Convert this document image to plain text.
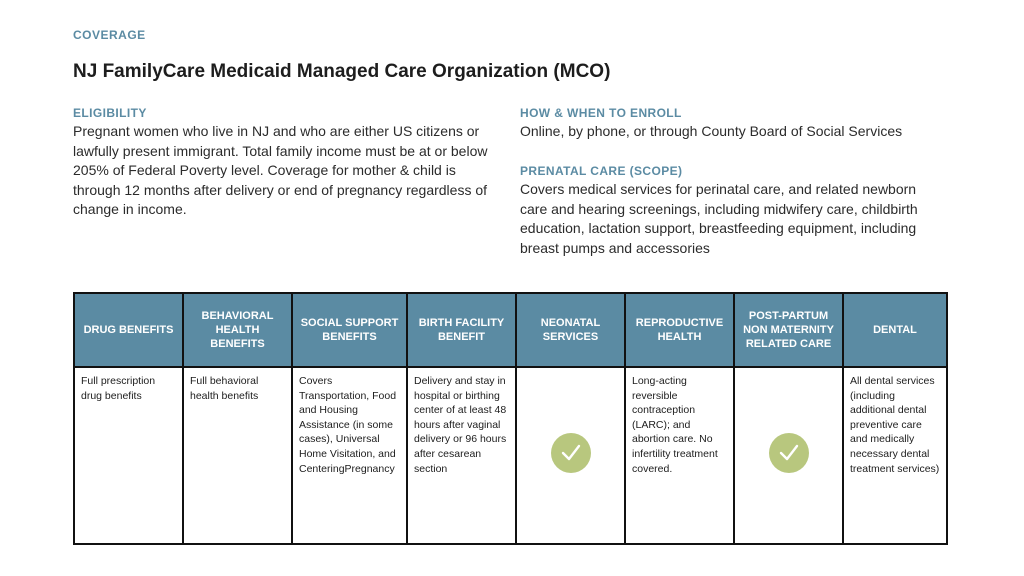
COVERAGE
NJ FamilyCare Medicaid Managed Care Organization (MCO)
ELIGIBILITY
Pregnant women who live in NJ and who are either US citizens or lawfully present immigrant. Total family income must be at or below 205% of Federal Poverty level. Coverage for mother & child is through 12 months after delivery or end of pregnancy regardless of change in income.
HOW & WHEN TO ENROLL
Online, by phone, or through County Board of Social Services
PRENATAL CARE (SCOPE)
Covers medical services for perinatal care, and related newborn care and hearing screenings, including midwifery care, childbirth education, lactation support, breastfeeding equipment, including breast pumps and accessories
DRUG BENEFITS	BEHAVIORAL HEALTH BENEFITS	SOCIAL SUPPORT BENEFITS	BIRTH FACILITY BENEFIT	NEONATAL SERVICES	REPRODUCTIVE HEALTH	POST-PARTUM NON MATERNITY RELATED CARE	DENTAL
Full prescription drug benefits	Full behavioral health benefits	Covers Transportation, Food and Housing Assistance (in some cases), Universal Home Visitation, and CenteringPregnancy	Delivery and stay in hospital or birthing center of at least 48 hours after vaginal delivery or 96 hours after cesarean section		Long-acting reversible contraception (LARC); and abortion care. No infertility treatment covered.		All dental services (including additional dental preventive care and medically necessary dental treatment services)
